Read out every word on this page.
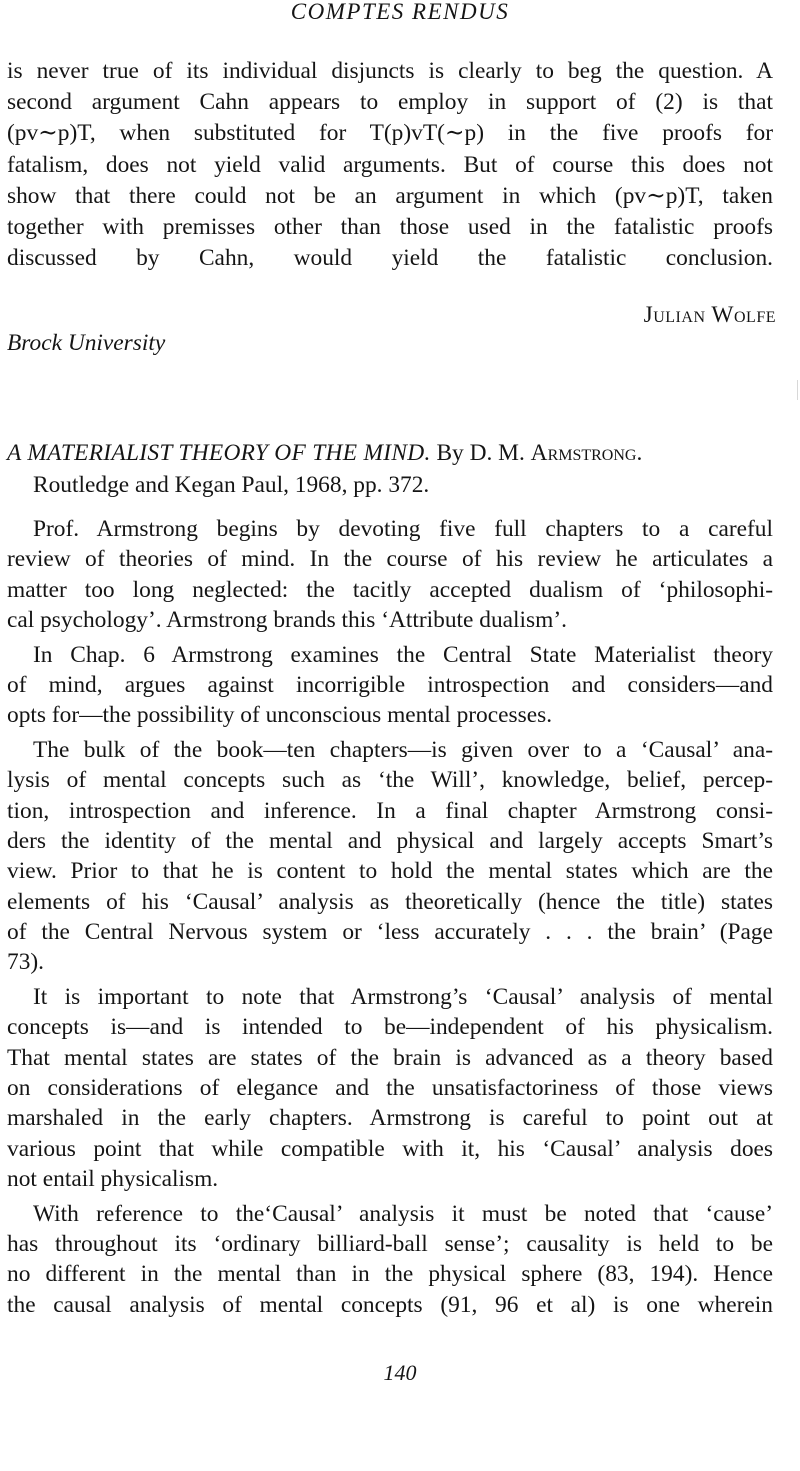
COMPTES RENDUS
is never true of its individual disjuncts is clearly to beg the question. A
second argument Cahn appears to employ in support of (2) is that
(pv∼p)T, when substituted for T(p)vT(∼p) in the five proofs for
fatalism, does not yield valid arguments. But of course this does not
show that there could not be an argument in which (pv∼p)T, taken
together with premisses other than those used in the fatalistic proofs
discussed by Cahn, would yield the fatalistic conclusion.
Julian Wolfe
Brock University
A MATERIALIST THEORY OF THE MIND. By D. M. Armstrong.
Routledge and Kegan Paul, 1968, pp. 372.
Prof. Armstrong begins by devoting five full chapters to a careful
review of theories of mind. In the course of his review he articulates a
matter too long neglected: the tacitly accepted dualism of ‘philosophi-
cal psychology’. Armstrong brands this ‘Attribute dualism’.
In Chap. 6 Armstrong examines the Central State Materialist theory
of mind, argues against incorrigible introspection and considers—and
opts for—the possibility of unconscious mental processes.
The bulk of the book—ten chapters—is given over to a ‘Causal’ ana-
lysis of mental concepts such as ‘the Will’, knowledge, belief, percep-
tion, introspection and inference. In a final chapter Armstrong consi-
ders the identity of the mental and physical and largely accepts Smart’s
view. Prior to that he is content to hold the mental states which are the
elements of his ‘Causal’ analysis as theoretically (hence the title) states
of the Central Nervous system or ‘less accurately . . . the brain’ (Page
73).
It is important to note that Armstrong’s ‘Causal’ analysis of mental
concepts is—and is intended to be—independent of his physicalism.
That mental states are states of the brain is advanced as a theory based
on considerations of elegance and the unsatisfactoriness of those views
marshaled in the early chapters. Armstrong is careful to point out at
various point that while compatible with it, his ‘Causal’ analysis does
not entail physicalism.
With reference to the‘Causal’ analysis it must be noted that ‘cause’
has throughout its ‘ordinary billiard-ball sense’; causality is held to be
no different in the mental than in the physical sphere (83, 194). Hence
the causal analysis of mental concepts (91, 96 et al) is one wherein
140
